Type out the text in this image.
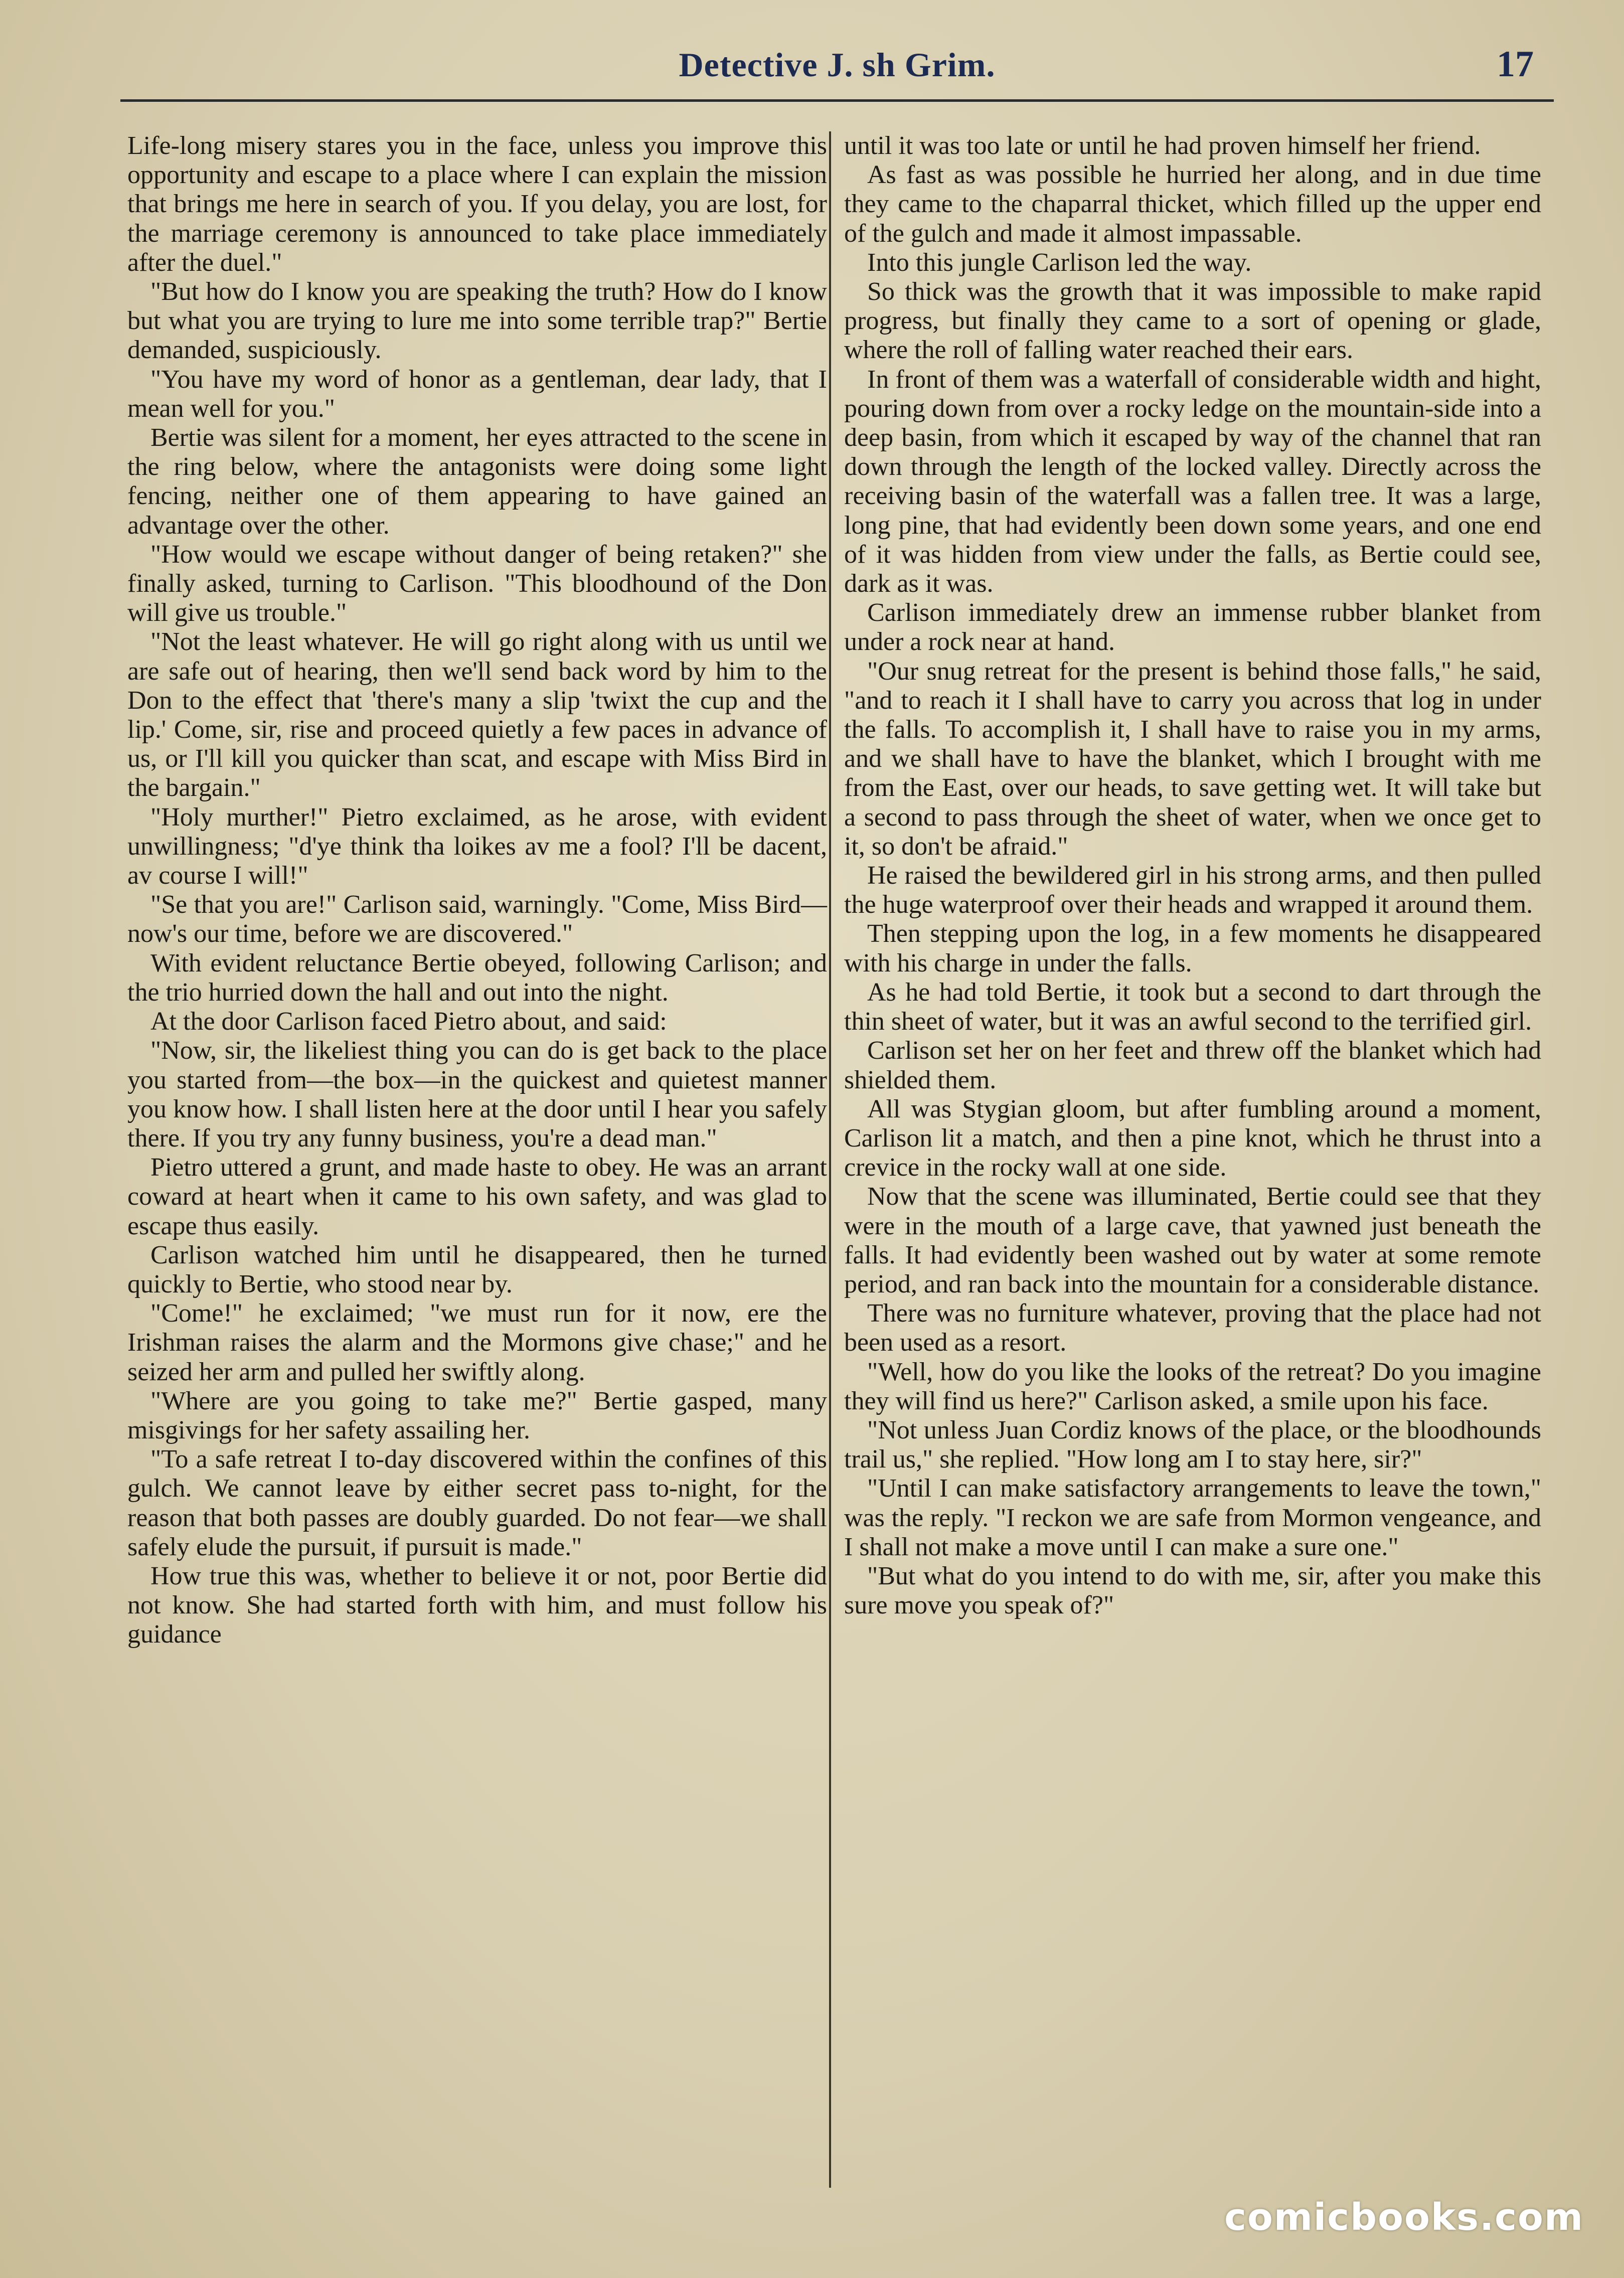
Detective J. sh Grim.	17

Life-long misery stares you in the face, unless you improve this opportunity and escape to a place where I can explain the mission that brings me here in search of you. If you delay, you are lost, for the marriage ceremony is announced to take place immediately after the duel."

"But how do I know you are speaking the truth? How do I know but what you are trying to lure me into some terrible trap?" Bertie demanded, suspiciously.

"You have my word of honor as a gentleman, dear lady, that I mean well for you."

Bertie was silent for a moment, her eyes attracted to the scene in the ring below, where the antagonists were doing some light fencing, neither one of them appearing to have gained an advantage over the other.

"How would we escape without danger of being retaken?" she finally asked, turning to Carlison. "This bloodhound of the Don will give us trouble."

"Not the least whatever. He will go right along with us until we are safe out of hearing, then we'll send back word by him to the Don to the effect that 'there's many a slip 'twixt the cup and the lip.' Come, sir, rise and proceed quietly a few paces in advance of us, or I'll kill you quicker than scat, and escape with Miss Bird in the bargain."

"Holy murther!" Pietro exclaimed, as he arose, with evident unwillingness; "d'ye think tha loikes av me a fool? I'll be dacent, av course I will!"

"Se that you are!" Carlison said, warningly. "Come, Miss Bird—now's our time, before we are discovered."

With evident reluctance Bertie obeyed, following Carlison; and the trio hurried down the hall and out into the night.

At the door Carlison faced Pietro about, and said:

"Now, sir, the likeliest thing you can do is get back to the place you started from—the box—in the quickest and quietest manner you know how. I shall listen here at the door until I hear you safely there. If you try any funny business, you're a dead man."

Pietro uttered a grunt, and made haste to obey. He was an arrant coward at heart when it came to his own safety, and was glad to escape thus easily.

Carlison watched him until he disappeared, then he turned quickly to Bertie, who stood near by.

"Come!" he exclaimed; "we must run for it now, ere the Irishman raises the alarm and the Mormons give chase;" and he seized her arm and pulled her swiftly along.

"Where are you going to take me?" Bertie gasped, many misgivings for her safety assailing her.

"To a safe retreat I to-day discovered within the confines of this gulch. We cannot leave by either secret pass to-night, for the reason that both passes are doubly guarded. Do not fear—we shall safely elude the pursuit, if pursuit is made."

How true this was, whether to believe it or not, poor Bertie did not know. She had started forth with him, and must follow his guidance

until it was too late or until he had proven himself her friend.

As fast as was possible he hurried her along, and in due time they came to the chaparral thicket, which filled up the upper end of the gulch and made it almost impassable.

Into this jungle Carlison led the way.

So thick was the growth that it was impossible to make rapid progress, but finally they came to a sort of opening or glade, where the roll of falling water reached their ears.

In front of them was a waterfall of considerable width and hight, pouring down from over a rocky ledge on the mountain-side into a deep basin, from which it escaped by way of the channel that ran down through the length of the locked valley. Directly across the receiving basin of the waterfall was a fallen tree. It was a large, long pine, that had evidently been down some years, and one end of it was hidden from view under the falls, as Bertie could see, dark as it was.

Carlison immediately drew an immense rubber blanket from under a rock near at hand.

"Our snug retreat for the present is behind those falls," he said, "and to reach it I shall have to carry you across that log in under the falls. To accomplish it, I shall have to raise you in my arms, and we shall have to have the blanket, which I brought with me from the East, over our heads, to save getting wet. It will take but a second to pass through the sheet of water, when we once get to it, so don't be afraid."

He raised the bewildered girl in his strong arms, and then pulled the huge waterproof over their heads and wrapped it around them.

Then stepping upon the log, in a few moments he disappeared with his charge in under the falls.

As he had told Bertie, it took but a second to dart through the thin sheet of water, but it was an awful second to the terrified girl.

Carlison set her on her feet and threw off the blanket which had shielded them.

All was Stygian gloom, but after fumbling around a moment, Carlison lit a match, and then a pine knot, which he thrust into a crevice in the rocky wall at one side.

Now that the scene was illuminated, Bertie could see that they were in the mouth of a large cave, that yawned just beneath the falls. It had evidently been washed out by water at some remote period, and ran back into the mountain for a considerable distance.

There was no furniture whatever, proving that the place had not been used as a resort.

"Well, how do you like the looks of the retreat? Do you imagine they will find us here?" Carlison asked, a smile upon his face.

"Not unless Juan Cordiz knows of the place, or the bloodhounds trail us," she replied. "How long am I to stay here, sir?"

"Until I can make satisfactory arrangements to leave the town," was the reply. "I reckon we are safe from Mormon vengeance, and I shall not make a move until I can make a sure one."

"But what do you intend to do with me, sir, after you make this sure move you speak of?"

comicbooks.com
